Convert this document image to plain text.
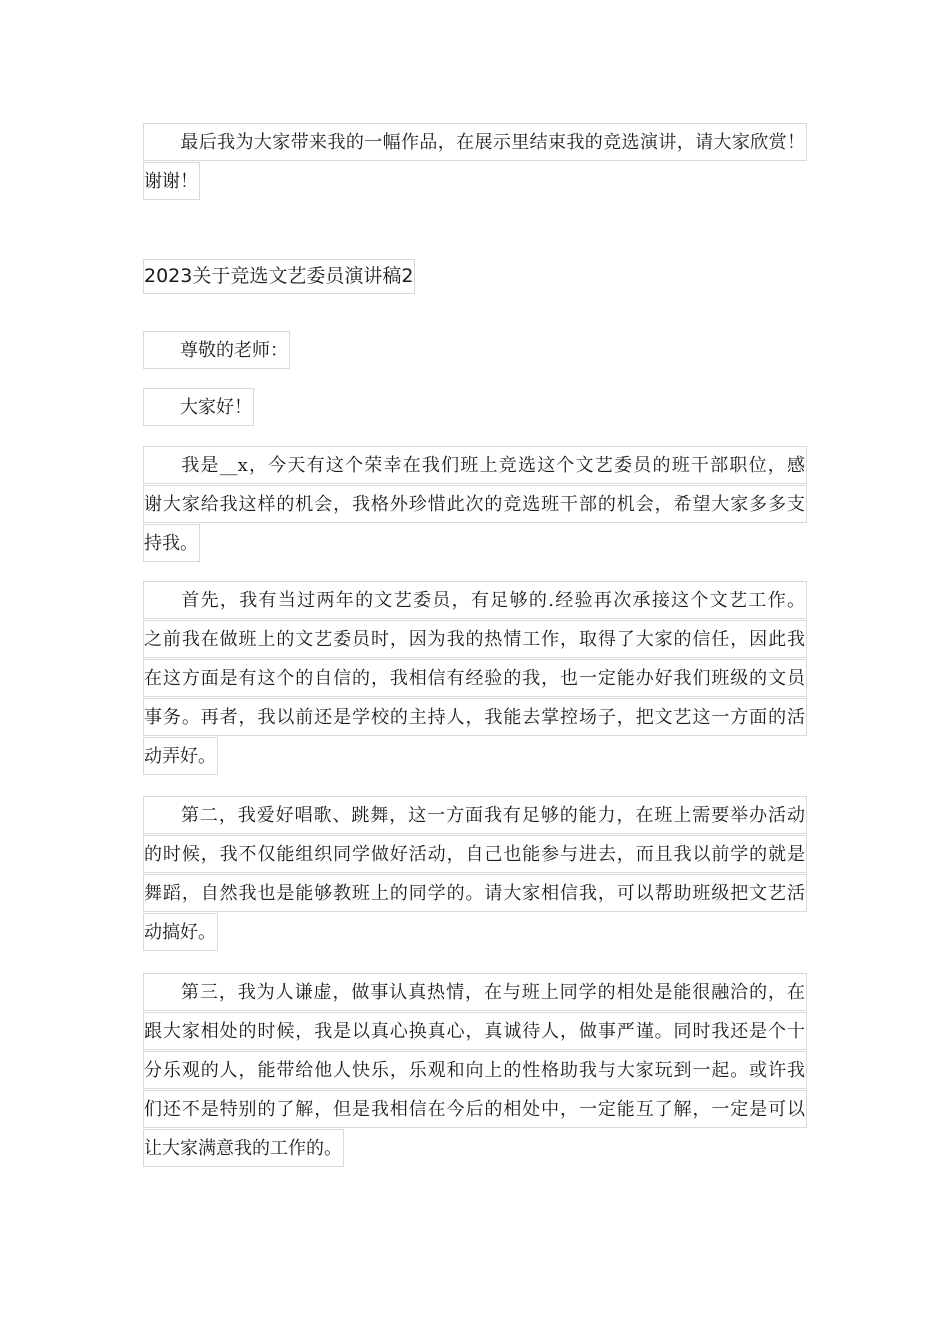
最后我为大家带来我的一幅作品，在展示里结束我的竞选演讲，请大家欣赏！
谢谢！
2023关于竞选文艺委员演讲稿2
尊敬的老师：
大家好！
我是__x，今天有这个荣幸在我们班上竞选这个文艺委员的班干部职位，感
谢大家给我这样的机会，我格外珍惜此次的竞选班干部的机会，希望大家多多支
持我。
首先，我有当过两年的文艺委员，有足够的.经验再次承接这个文艺工作。
之前我在做班上的文艺委员时，因为我的热情工作，取得了大家的信任，因此我
在这方面是有这个的自信的，我相信有经验的我，也一定能办好我们班级的文员
事务。再者，我以前还是学校的主持人，我能去掌控场子，把文艺这一方面的活
动弄好。
第二，我爱好唱歌、跳舞，这一方面我有足够的能力，在班上需要举办活动
的时候，我不仅能组织同学做好活动，自己也能参与进去，而且我以前学的就是
舞蹈，自然我也是能够教班上的同学的。请大家相信我，可以帮助班级把文艺活
动搞好。
第三，我为人谦虚，做事认真热情，在与班上同学的相处是能很融洽的，在
跟大家相处的时候，我是以真心换真心，真诚待人，做事严谨。同时我还是个十
分乐观的人，能带给他人快乐，乐观和向上的性格助我与大家玩到一起。或许我
们还不是特别的了解，但是我相信在今后的相处中，一定能互了解，一定是可以
让大家满意我的工作的。
